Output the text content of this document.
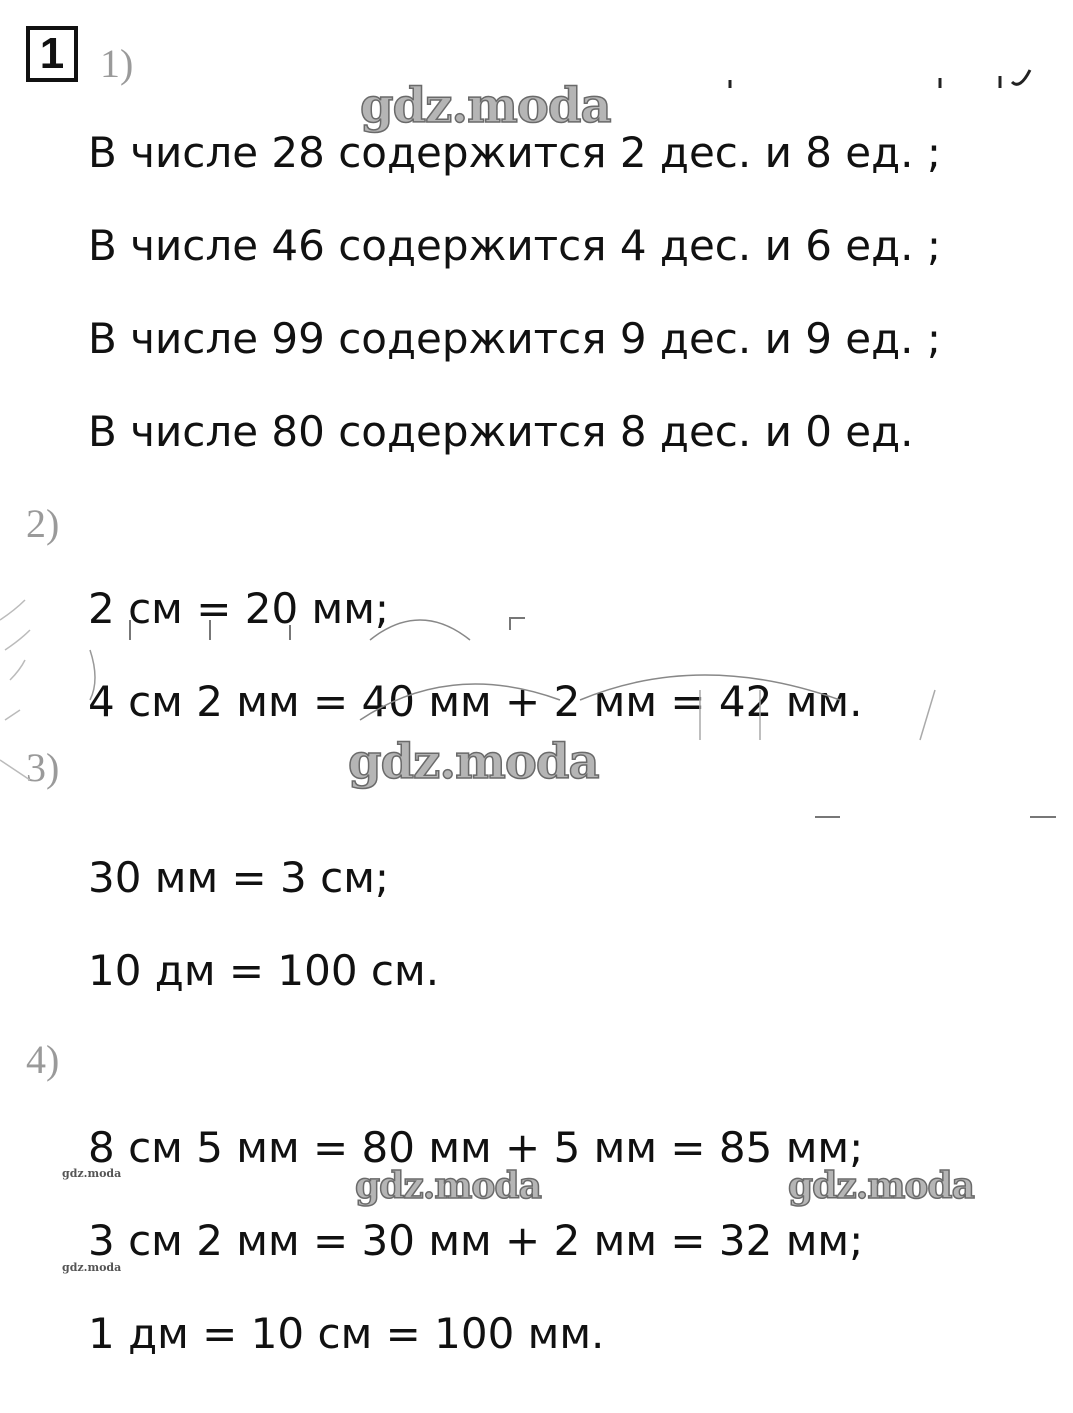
1 1)
В числе 28 содержится 2 дес. и 8 ед. ;
В числе 46 содержится 4 дес. и 6 ед. ;
В числе 99 содержится 9 дес. и 9 ед. ;
В числе 80 содержится 8 дес. и 0 ед.
2)
2 см = 20 мм;
4 см 2 мм = 40 мм + 2 мм = 42 мм.
3)
30 мм = 3 см;
10 дм = 100 см.
4)
8 см 5 мм = 80 мм + 5 мм = 85 мм;
3 см 2 мм = 30 мм + 2 мм = 32 мм;
1 дм = 10 см = 100 мм.
gdz.moda
gdz.moda
gdz.moda	gdz.moda
gdz.moda
gdz.moda
